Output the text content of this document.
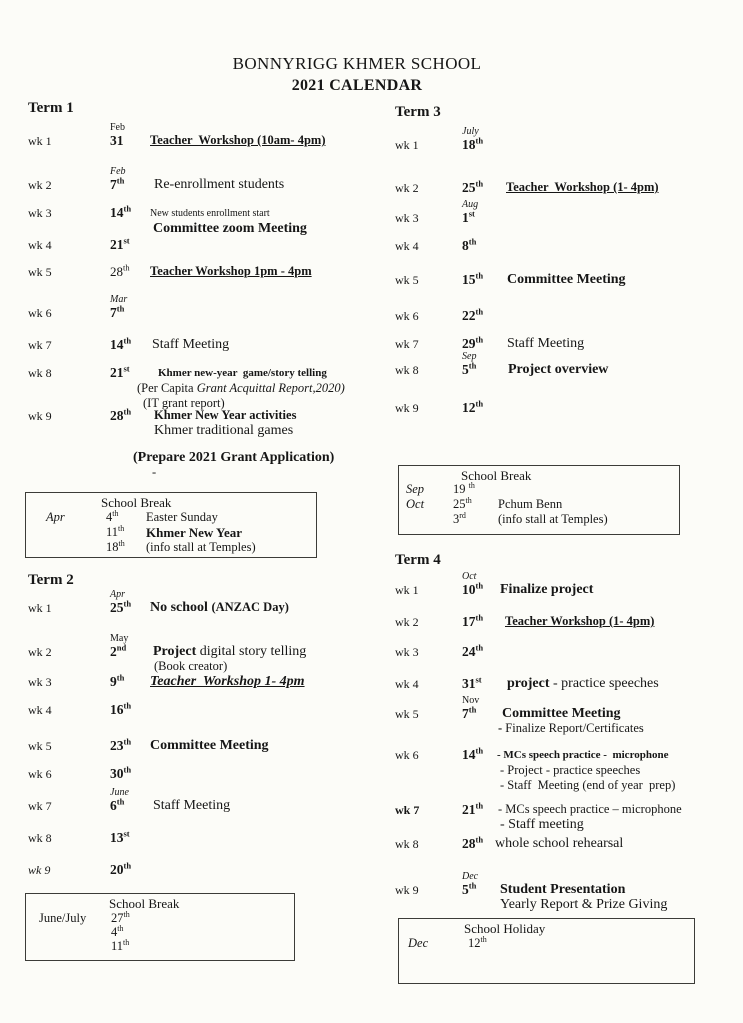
BONNYRIGG KHMER SCHOOL
2021 CALENDAR
Term 1
wk 1
Feb
31 Teacher  Workshop (10am- 4pm)
wk 2
Feb
7th Re-enrollment students
wk 3	14th New students enrollment start
Committee zoom Meeting
wk 4	21st
wk 5	28th Teacher Workshop 1pm - 4pm
wk 6
Mar
7th
wk 7	14th Staff Meeting
wk 8	21st	Khmer new-year  game/story telling
(Per Capita Grant Acquittal Report,2020)
(IT grant report)
wk 9	28th Khmer New Year activities
Khmer traditional games
(Prepare 2021 Grant Application)
-
Term 2
wk 1
Apr
25th No school (ANZAC Day)
wk 2
May
2nd Project digital story telling
(Book creator)
wk 3	9th Teacher  Workshop 1- 4pm
wk 4	16th
wk 5	23th Committee Meeting
wk 6	30th
wk 7
June
6th Staff Meeting
wk 8	13st
wk 9	20th
Term 3
wk 1
July
18th
wk 2	25th Teacher  Workshop (1- 4pm)
wk 3
Aug
1st
wk 4	8th
wk 5	15th Committee Meeting
wk 6	22th
wk 7	29th Staff Meeting
wk 8
Sep
5th Project overview
wk 9	12th
Term 4
wk 1
Oct
10th Finalize project
wk 2	17th Teacher Workshop (1- 4pm)
wk 3	24th
wk 4	31st project - practice speeches
wk 5
Nov
7th Committee Meeting
- Finalize Report/Certificates
wk 6	14th - MCs speech practice -  microphone
- Project - practice speeches
- Staff  Meeting (end of year  prep)
wk 7	21th - MCs speech practice – microphone
- Staff meeting
wk 8	28th whole school rehearsal
wk 9
Dec
5th Student Presentation
Yearly Report & Prize Giving
School Break
Apr	4th Easter Sunday
11th Khmer New Year
18th (info stall at Temples)
School Break
June/July 27th
4th
11th
School Break
Sep 19 $^{th}$
Oct 25th Pchum Benn
3rd	(info stall at Temples)
School Holiday
Dec	12th
